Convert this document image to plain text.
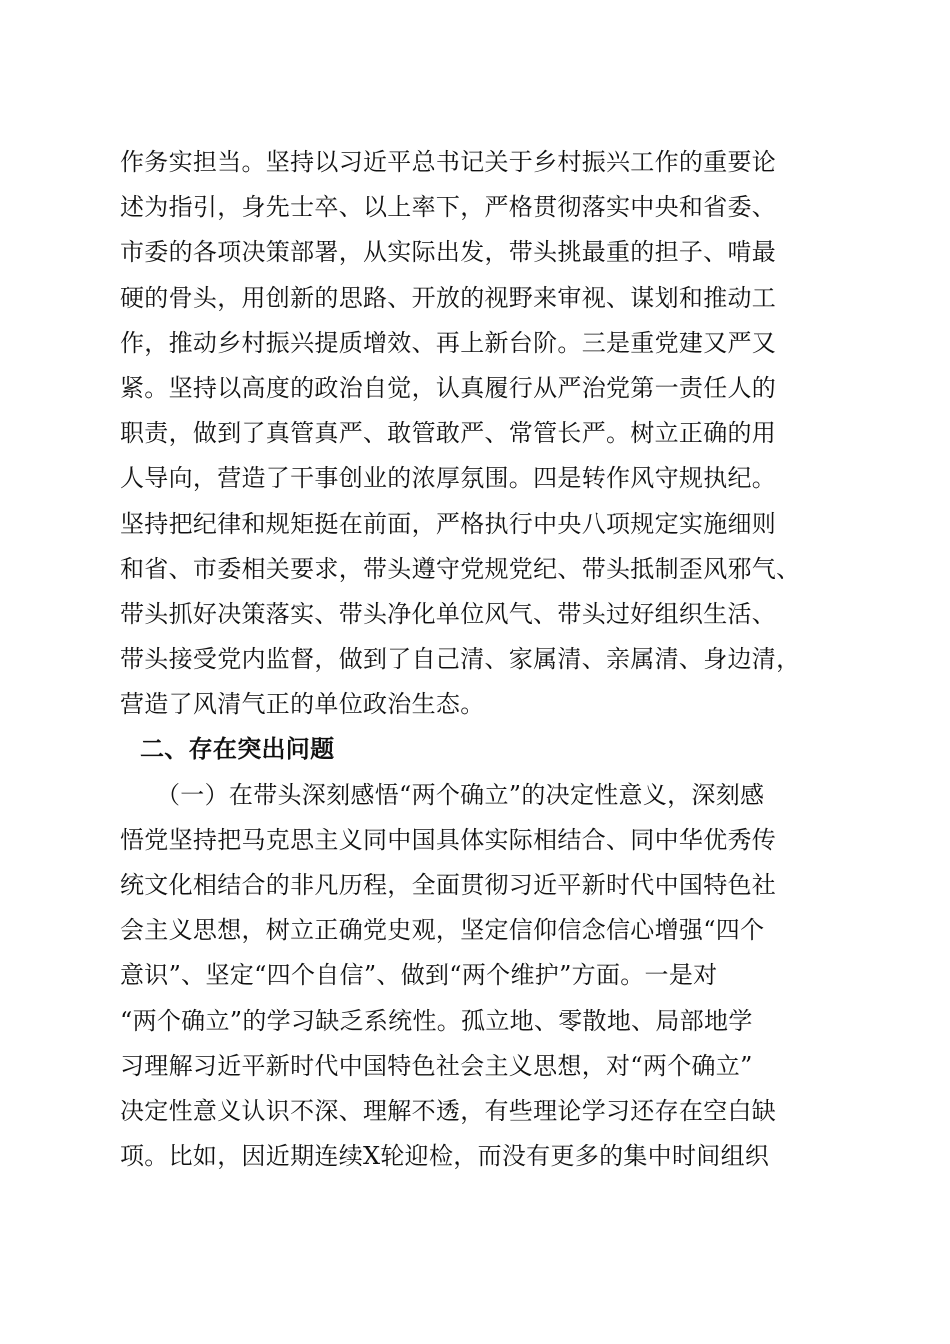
作务实担当。坚持以习近平总书记关于乡村振兴工作的重要论
述为指引，身先士卒、以上率下，严格贯彻落实中央和省委、
市委的各项决策部署，从实际出发，带头挑最重的担子、啃最
硬的骨头，用创新的思路、开放的视野来审视、谋划和推动工
作，推动乡村振兴提质增效、再上新台阶。三是重党建又严又
紧。坚持以高度的政治自觉，认真履行从严治党第一责任人的
职责，做到了真管真严、敢管敢严、常管长严。树立正确的用
人导向，营造了干事创业的浓厚氛围。四是转作风守规执纪。
坚持把纪律和规矩挺在前面，严格执行中央八项规定实施细则
和省、市委相关要求，带头遵守党规党纪、带头抵制歪风邪气、
带头抓好决策落实、带头净化单位风气、带头过好组织生活、
带头接受党内监督，做到了自己清、家属清、亲属清、身边清，
营造了风清气正的单位政治生态。
二、存在突出问题
（一）在带头深刻感悟“两个确立”的决定性意义，深刻感
悟党坚持把马克思主义同中国具体实际相结合、同中华优秀传
统文化相结合的非凡历程，全面贯彻习近平新时代中国特色社
会主义思想，树立正确党史观，坚定信仰信念信心增强“四个
意识”、坚定“四个自信”、做到“两个维护”方面。一是对
“两个确立”的学习缺乏系统性。孤立地、零散地、局部地学
习理解习近平新时代中国特色社会主义思想，对“两个确立”
决定性意义认识不深、理解不透，有些理论学习还存在空白缺
项。比如，因近期连续X轮迎检，而没有更多的集中时间组织
